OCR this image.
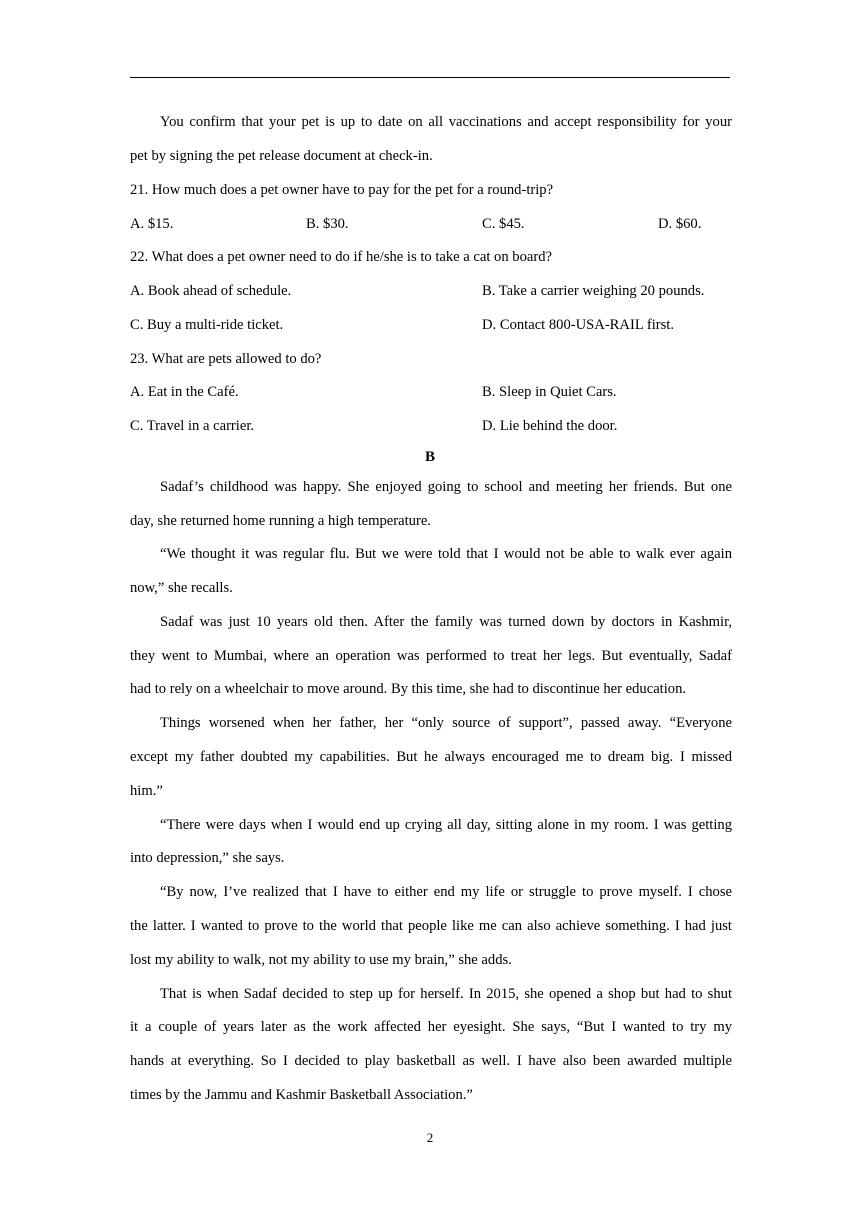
You confirm that your pet is up to date on all vaccinations and accept responsibility for your
pet by signing the pet release document at check-in.
21. How much does a pet owner have to pay for the pet for a round-trip?
A. $15.	B. $30.	C. $45.	D. $60.
22. What does a pet owner need to do if he/she is to take a cat on board?
A. Book ahead of schedule.	B. Take a carrier weighing 20 pounds.
C. Buy a multi-ride ticket.	D. Contact 800-USA-RAIL first.
23. What are pets allowed to do?
A. Eat in the Café.	B. Sleep in Quiet Cars.
C. Travel in a carrier.	D. Lie behind the door.
B
Sadaf’s childhood was happy. She enjoyed going to school and meeting her friends. But one
day, she returned home running a high temperature.
“We thought it was regular flu. But we were told that I would not be able to walk ever again
now,” she recalls.
Sadaf was just 10 years old then. After the family was turned down by doctors in Kashmir,
they went to Mumbai, where an operation was performed to treat her legs. But eventually, Sadaf
had to rely on a wheelchair to move around. By this time, she had to discontinue her education.
Things worsened when her father, her “only source of support”, passed away. “Everyone
except my father doubted my capabilities. But he always encouraged me to dream big. I missed
him.”
“There were days when I would end up crying all day, sitting alone in my room. I was getting
into depression,” she says.
“By now, I’ve realized that I have to either end my life or struggle to prove myself. I chose
the latter. I wanted to prove to the world that people like me can also achieve something. I had just
lost my ability to walk, not my ability to use my brain,” she adds.
That is when Sadaf decided to step up for herself. In 2015, she opened a shop but had to shut
it a couple of years later as the work affected her eyesight. She says, “But I wanted to try my
hands at everything. So I decided to play basketball as well. I have also been awarded multiple
times by the Jammu and Kashmir Basketball Association.”
2
